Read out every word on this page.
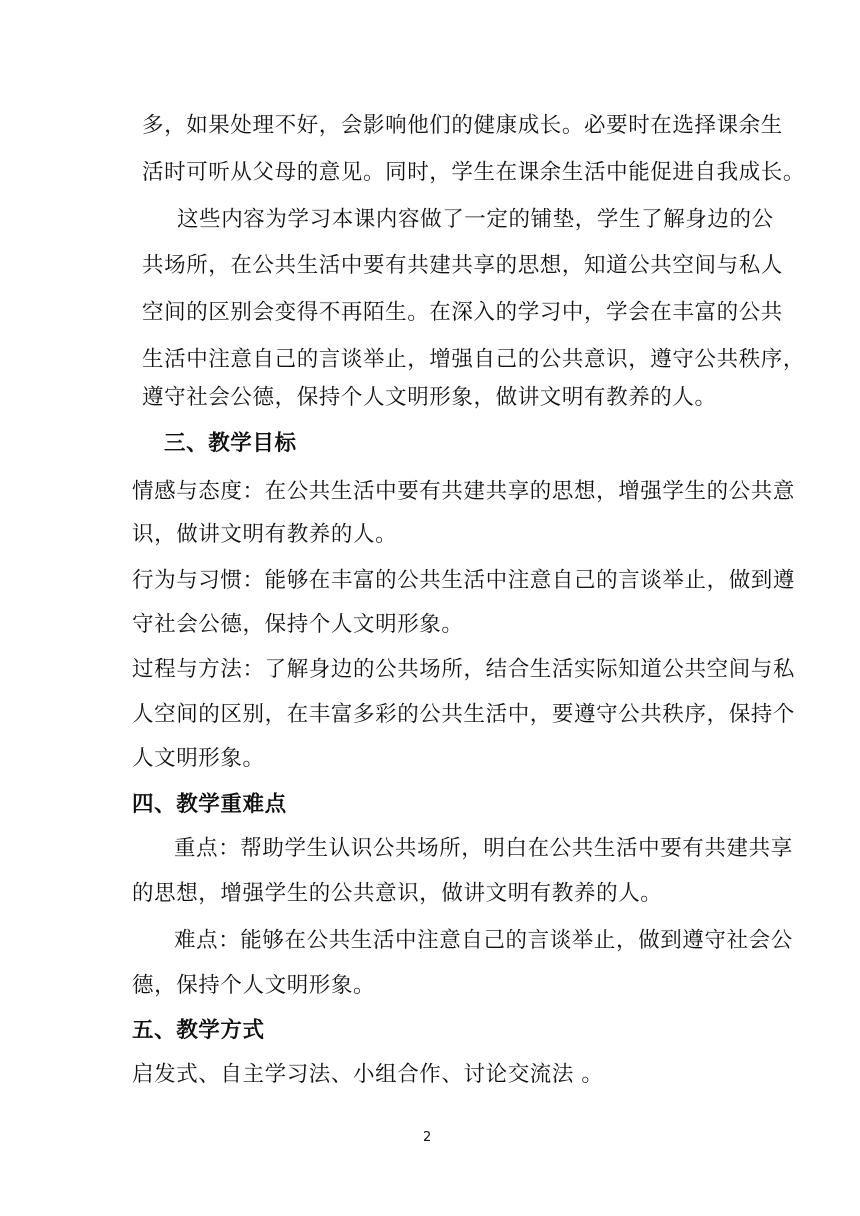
多，如果处理不好，会影响他们的健康成长。必要时在选择课余生
活时可听从父母的意见。同时，学生在课余生活中能促进自我成长。
这些内容为学习本课内容做了一定的铺垫，学生了解身边的公
共场所，在公共生活中要有共建共享的思想，知道公共空间与私人
空间的区别会变得不再陌生。在深入的学习中，学会在丰富的公共
生活中注意自己的言谈举止，增强自己的公共意识，遵守公共秩序，
遵守社会公德，保持个人文明形象，做讲文明有教养的人。
三、教学目标
情感与态度：在公共生活中要有共建共享的思想，增强学生的公共意
识，做讲文明有教养的人。
行为与习惯：能够在丰富的公共生活中注意自己的言谈举止，做到遵
守社会公德，保持个人文明形象。
过程与方法：了解身边的公共场所，结合生活实际知道公共空间与私
人空间的区别，在丰富多彩的公共生活中，要遵守公共秩序，保持个
人文明形象。
四、教学重难点
重点：帮助学生认识公共场所，明白在公共生活中要有共建共享
的思想，增强学生的公共意识，做讲文明有教养的人。
难点：能够在公共生活中注意自己的言谈举止，做到遵守社会公
德，保持个人文明形象。
五、教学方式
启发式、自主学习法、小组合作、讨论交流法 。
2
